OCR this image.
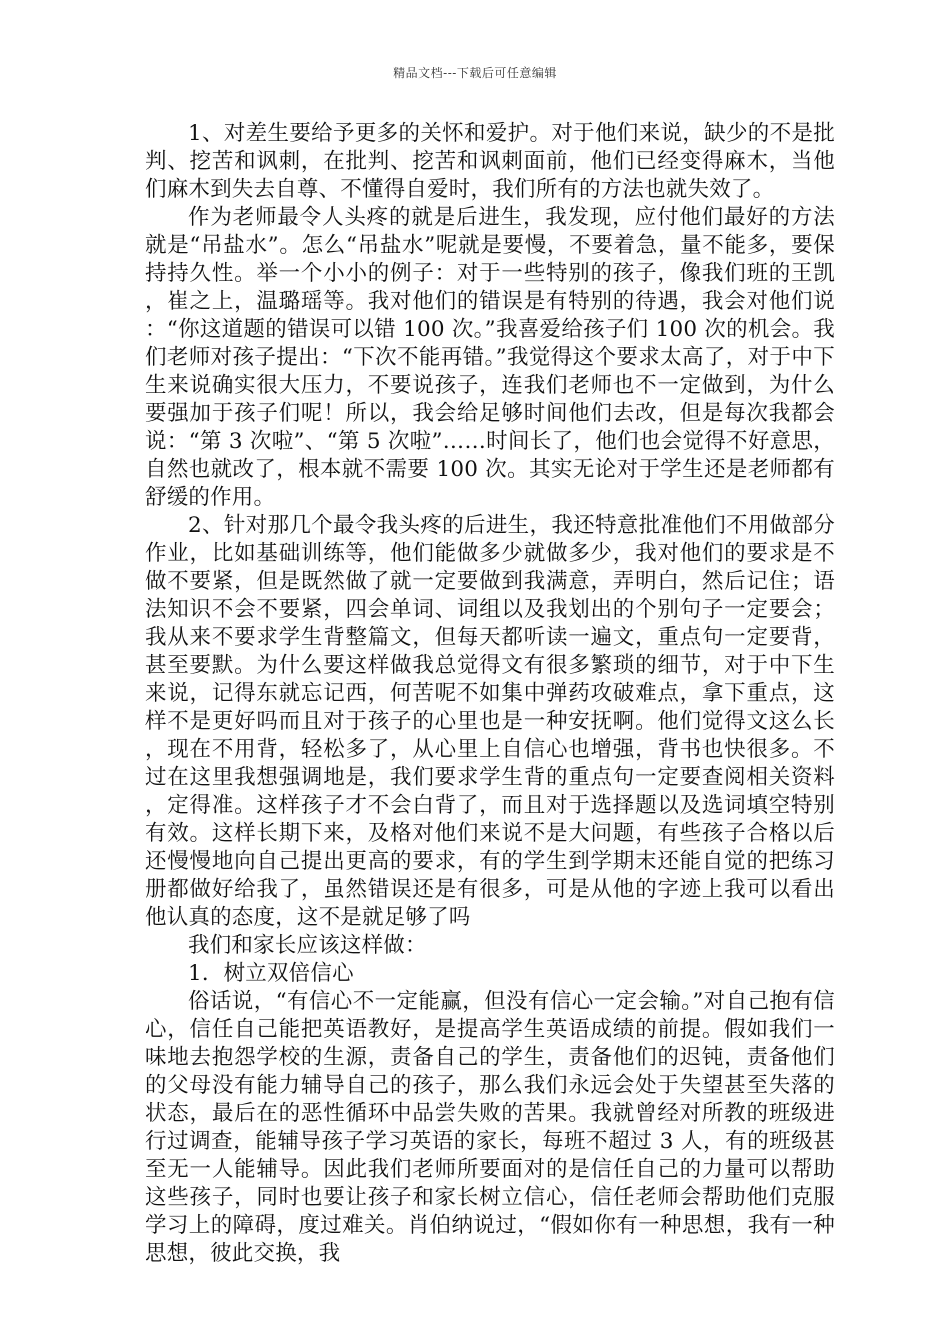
精品文档---下载后可任意编辑

1、对差生要给予更多的关怀和爱护。对于他们来说，缺少的不是批判、挖苦和讽刺，在批判、挖苦和讽刺面前，他们已经变得麻木，当他们麻木到失去自尊、不懂得自爱时，我们所有的方法也就失效了。

作为老师最令人头疼的就是后进生，我发现，应付他们最好的方法就是“吊盐水”。怎么“吊盐水”呢就是要慢，不要着急，量不能多，要保持持久性。举一个小小的例子：对于一些特别的孩子，像我们班的王凯，崔之上，温璐瑶等。我对他们的错误是有特别的待遇，我会对他们说：“你这道题的错误可以错 100 次。”我喜爱给孩子们 100 次的机会。我们老师对孩子提出：“下次不能再错。”我觉得这个要求太高了，对于中下生来说确实很大压力，不要说孩子，连我们老师也不一定做到，为什么要强加于孩子们呢！所以，我会给足够时间他们去改，但是每次我都会说：“第 3 次啦”、“第 5 次啦”……时间长了，他们也会觉得不好意思，自然也就改了，根本就不需要 100 次。其实无论对于学生还是老师都有舒缓的作用。

2、针对那几个最令我头疼的后进生，我还特意批准他们不用做部分作业，比如基础训练等，他们能做多少就做多少，我对他们的要求是不做不要紧，但是既然做了就一定要做到我满意，弄明白，然后记住；语法知识不会不要紧，四会单词、词组以及我划出的个别句子一定要会；我从来不要求学生背整篇文，但每天都听读一遍文，重点句一定要背，甚至要默。为什么要这样做我总觉得文有很多繁琐的细节，对于中下生来说，记得东就忘记西，何苦呢不如集中弹药攻破难点，拿下重点，这样不是更好吗而且对于孩子的心里也是一种安抚啊。他们觉得文这么长，现在不用背，轻松多了，从心里上自信心也增强，背书也快很多。不过在这里我想强调地是，我们要求学生背的重点句一定要查阅相关资料，定得准。这样孩子才不会白背了，而且对于选择题以及选词填空特别有效。这样长期下来，及格对他们来说不是大问题，有些孩子合格以后还慢慢地向自己提出更高的要求，有的学生到学期末还能自觉的把练习册都做好给我了，虽然错误还是有很多，可是从他的字迹上我可以看出他认真的态度，这不是就足够了吗

我们和家长应该这样做：

1．树立双倍信心

俗话说，“有信心不一定能赢，但没有信心一定会输。”对自己抱有信心，信任自己能把英语教好，是提高学生英语成绩的前提。假如我们一味地去抱怨学校的生源，责备自己的学生，责备他们的迟钝，责备他们的父母没有能力辅导自己的孩子，那么我们永远会处于失望甚至失落的状态，最后在的恶性循环中品尝失败的苦果。我就曾经对所教的班级进行过调查，能辅导孩子学习英语的家长，每班不超过 3 人，有的班级甚至无一人能辅导。因此我们老师所要面对的是信任自己的力量可以帮助这些孩子，同时也要让孩子和家长树立信心，信任老师会帮助他们克服学习上的障碍，度过难关。肖伯纳说过，“假如你有一种思想，我有一种思想，彼此交换，我
